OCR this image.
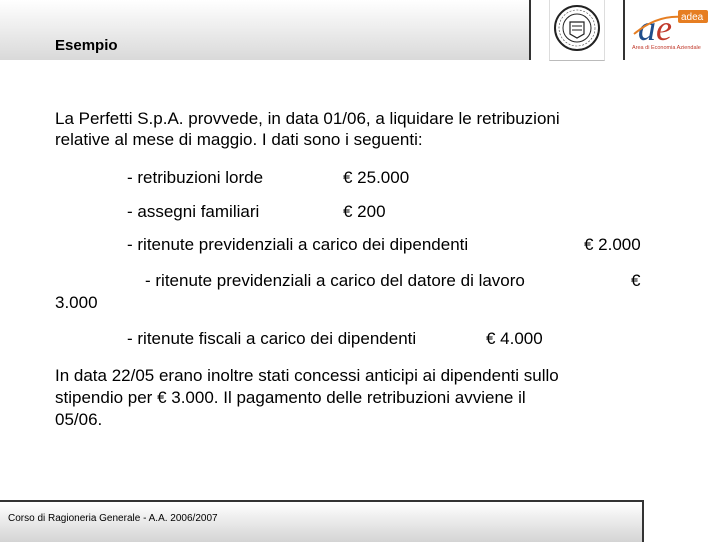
Esempio	a e adea
Area di Economia Aziendale
La Perfetti S.p.A. provvede, in data 01/06, a liquidare le retribuzioni
relative al mese di maggio. I dati sono i seguenti:
- retribuzioni lorde	€ 25.000
- assegni familiari	€ 200
- ritenute previdenziali a carico dei dipendenti	€ 2.000
- ritenute previdenziali a carico del datore di lavoro	€
3.000
- ritenute fiscali a carico dei dipendenti	€ 4.000
In data 22/05 erano inoltre stati concessi anticipi ai dipendenti sullo
stipendio per € 3.000. Il pagamento delle retribuzioni avviene il
05/06.
Corso di Ragioneria Generale - A.A. 2006/2007
